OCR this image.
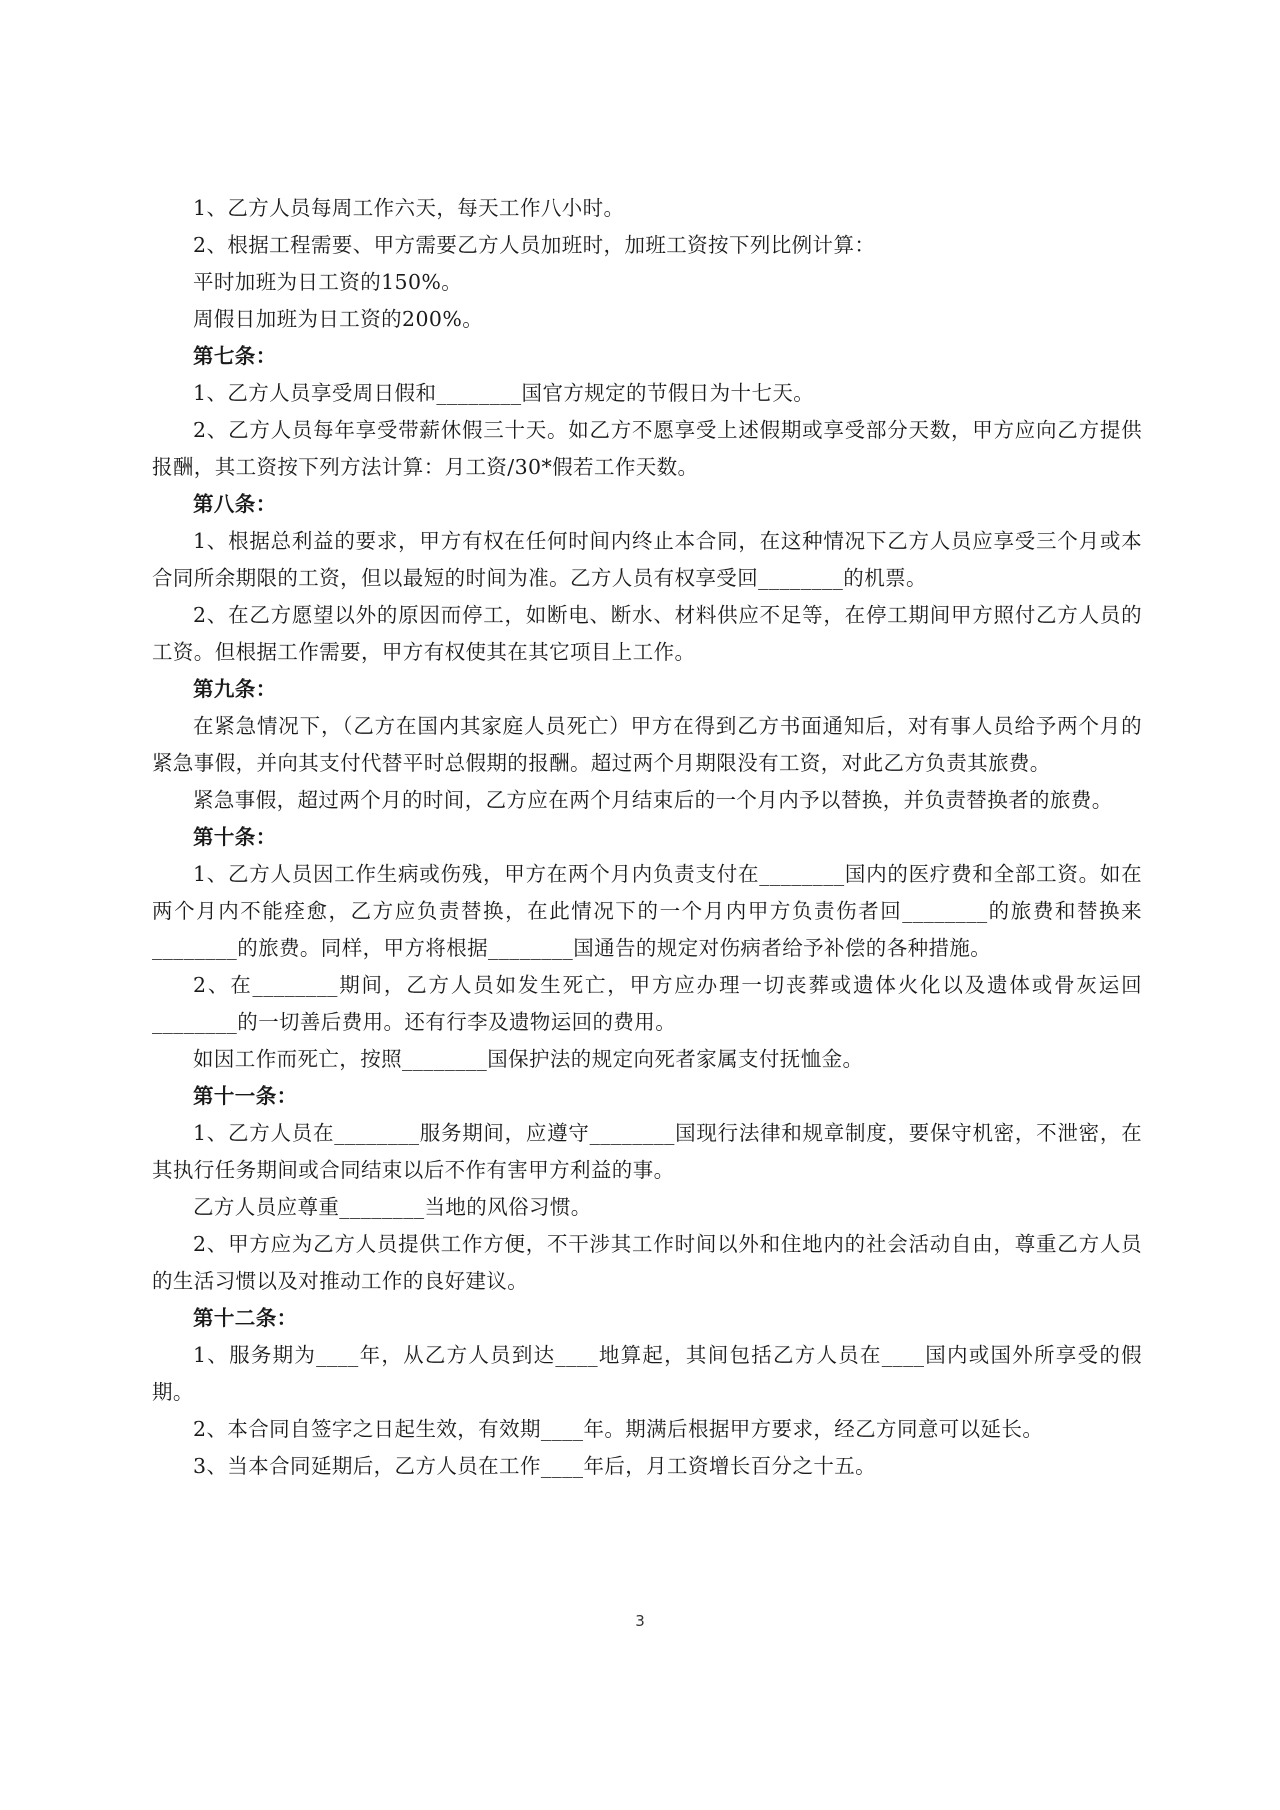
1、乙方人员每周工作六天，每天工作八小时。

2、根据工程需要、甲方需要乙方人员加班时，加班工资按下列比例计算：

平时加班为日工资的150%。

周假日加班为日工资的200%。

第七条：

1、乙方人员享受周日假和________国官方规定的节假日为十七天。

2、乙方人员每年享受带薪休假三十天。如乙方不愿享受上述假期或享受部分天数，甲方应向乙方提供报酬，其工资按下列方法计算：月工资/30*假若工作天数。

第八条：

1、根据总利益的要求，甲方有权在任何时间内终止本合同，在这种情况下乙方人员应享受三个月或本合同所余期限的工资，但以最短的时间为准。乙方人员有权享受回________的机票。

2、在乙方愿望以外的原因而停工，如断电、断水、材料供应不足等，在停工期间甲方照付乙方人员的工资。但根据工作需要，甲方有权使其在其它项目上工作。

第九条：

在紧急情况下，（乙方在国内其家庭人员死亡）甲方在得到乙方书面通知后，对有事人员给予两个月的紧急事假，并向其支付代替平时总假期的报酬。超过两个月期限没有工资，对此乙方负责其旅费。

紧急事假，超过两个月的时间，乙方应在两个月结束后的一个月内予以替换，并负责替换者的旅费。

第十条：

1、乙方人员因工作生病或伤残，甲方在两个月内负责支付在________国内的医疗费和全部工资。如在两个月内不能痊愈，乙方应负责替换，在此情况下的一个月内甲方负责伤者回________的旅费和替换来________的旅费。同样，甲方将根据________国通告的规定对伤病者给予补偿的各种措施。

2、在________期间，乙方人员如发生死亡，甲方应办理一切丧葬或遗体火化以及遗体或骨灰运回________的一切善后费用。还有行李及遗物运回的费用。

如因工作而死亡，按照________国保护法的规定向死者家属支付抚恤金。

第十一条：

1、乙方人员在________服务期间，应遵守________国现行法律和规章制度，要保守机密，不泄密，在其执行任务期间或合同结束以后不作有害甲方利益的事。

乙方人员应尊重________当地的风俗习惯。

2、甲方应为乙方人员提供工作方便，不干涉其工作时间以外和住地内的社会活动自由，尊重乙方人员的生活习惯以及对推动工作的良好建议。

第十二条：

1、服务期为____年，从乙方人员到达____地算起，其间包括乙方人员在____国内或国外所享受的假期。

2、本合同自签字之日起生效，有效期____年。期满后根据甲方要求，经乙方同意可以延长。

3、当本合同延期后，乙方人员在工作____年后，月工资增长百分之十五。

3
